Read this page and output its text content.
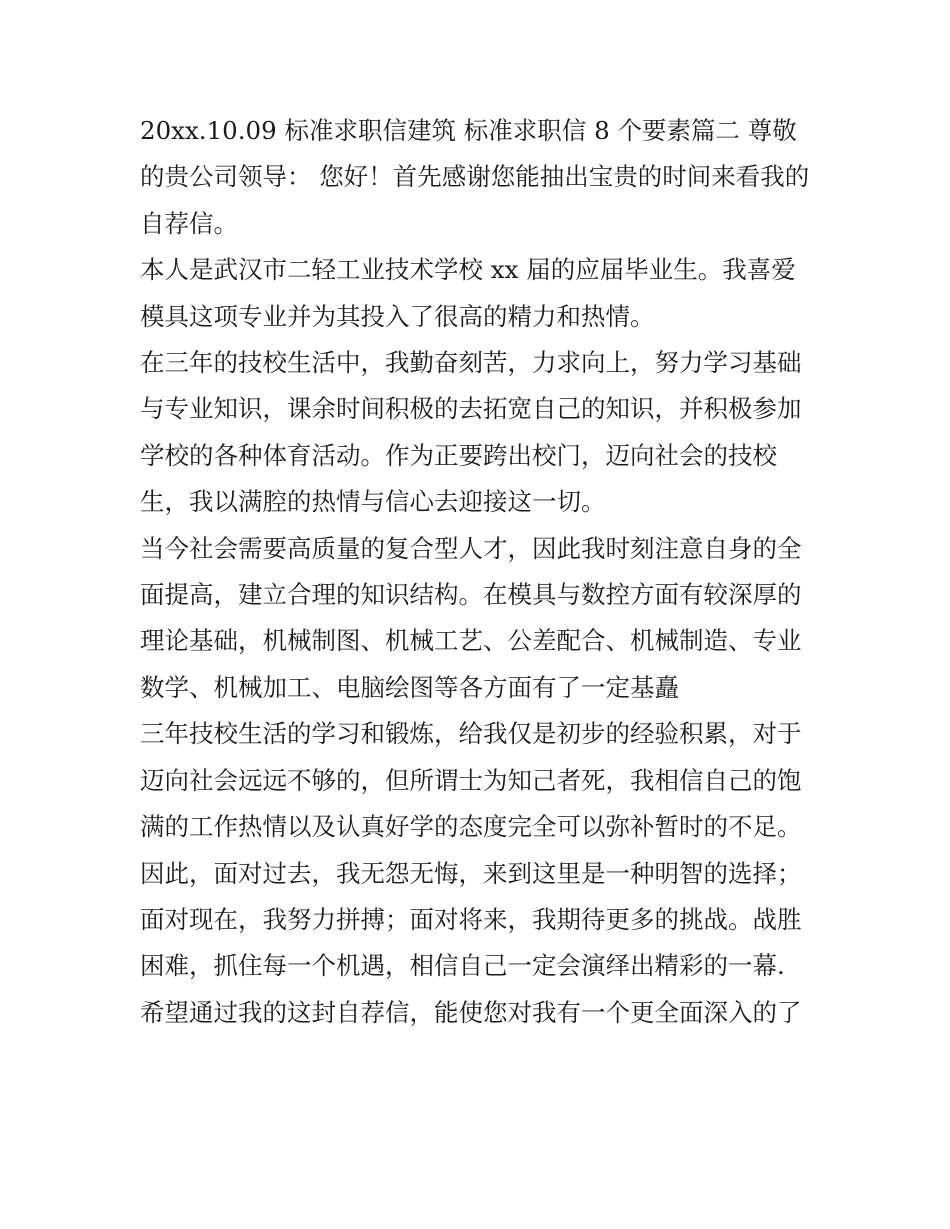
20xx.10.09 标准求职信建筑 标准求职信 8 个要素篇二 尊敬的贵公司领导： 您好！首先感谢您能抽出宝贵的时间来看我的自荐信。

本人是武汉市二轻工业技术学校 xx 届的应届毕业生。我喜爱模具这项专业并为其投入了很高的精力和热情。

在三年的技校生活中，我勤奋刻苦，力求向上，努力学习基础与专业知识，课余时间积极的去拓宽自己的知识，并积极参加学校的各种体育活动。作为正要跨出校门，迈向社会的技校生，我以满腔的热情与信心去迎接这一切。

当今社会需要高质量的复合型人才，因此我时刻注意自身的全面提高，建立合理的知识结构。在模具与数控方面有较深厚的理论基础，机械制图、机械工艺、公差配合、机械制造、专业数学、机械加工、电脑绘图等各方面有了一定基矗

三年技校生活的学习和锻炼，给我仅是初步的经验积累，对于迈向社会远远不够的，但所谓士为知己者死，我相信自己的饱满的工作热情以及认真好学的态度完全可以弥补暂时的不足。

因此，面对过去，我无怨无悔，来到这里是一种明智的选择；面对现在，我努力拼搏；面对将来，我期待更多的挑战。战胜困难，抓住每一个机遇，相信自己一定会演绎出精彩的一幕.

希望通过我的这封自荐信，能使您对我有一个更全面深入的了
